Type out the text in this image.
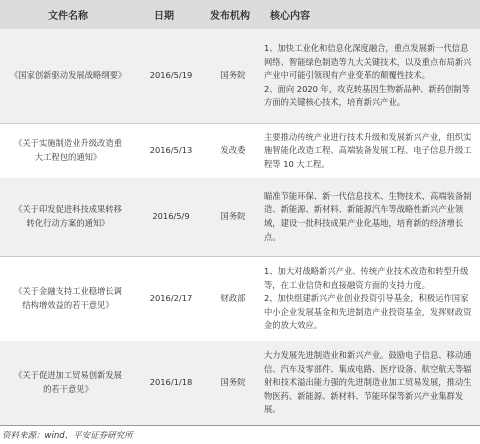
文件名称	日期	发布机构	核心内容
《国家创新驱动发展战略纲要》	2016/5/19	国务院	1、加快工业化和信息化深度融合，重点发展新一代信息网络、智能绿色制造等九大关键技术，以及重点布局新兴产业中可能引领现有产业变革的颠覆性技术。

2、面向 2020 年，攻克转基因生物新品种、新药创制等方面的关键核心技术，培育新兴产业。

《关于实施制造业升级改造重大工程包的通知》	2016/5/13	发改委	主要推动传统产业进行技术升级和发展新兴产业，组织实施智能化改造工程、高端装备发展工程、电子信息升级工程等 10 大工程。

《关于印发促进科技成果转移转化行动方案的通知》	2016/5/9	国务院	瞄准节能环保、新一代信息技术、生物技术、高端装备制造、新能源、新材料、新能源汽车等战略性新兴产业领域，建设一批科技成果产业化基地，培育新的经济增长点。

《关于金融支持工业稳增长调结构增效益的若干意见》	2016/2/17	财政部	1、加大对战略新兴产业、传统产业技术改造和转型升级等，在工业信贷和直接融资方面的支持力度。

2、加快组建新兴产业创业投资引导基金，积极运作国家中小企业发展基金和先进制造产业投资基金，发挥财政资金的放大效应。

《关于促进加工贸易创新发展的若干意见》	2016/1/18	国务院	大力发展先进制造业和新兴产业。鼓励电子信息、移动通信、汽车及零部件、集成电路、医疗设备、航空航天等辐射和技术溢出能力强的先进制造业加工贸易发展，推动生物医药、新能源、新材料、节能环保等新兴产业集群发展。

资料来源：wind、平安证券研究所
